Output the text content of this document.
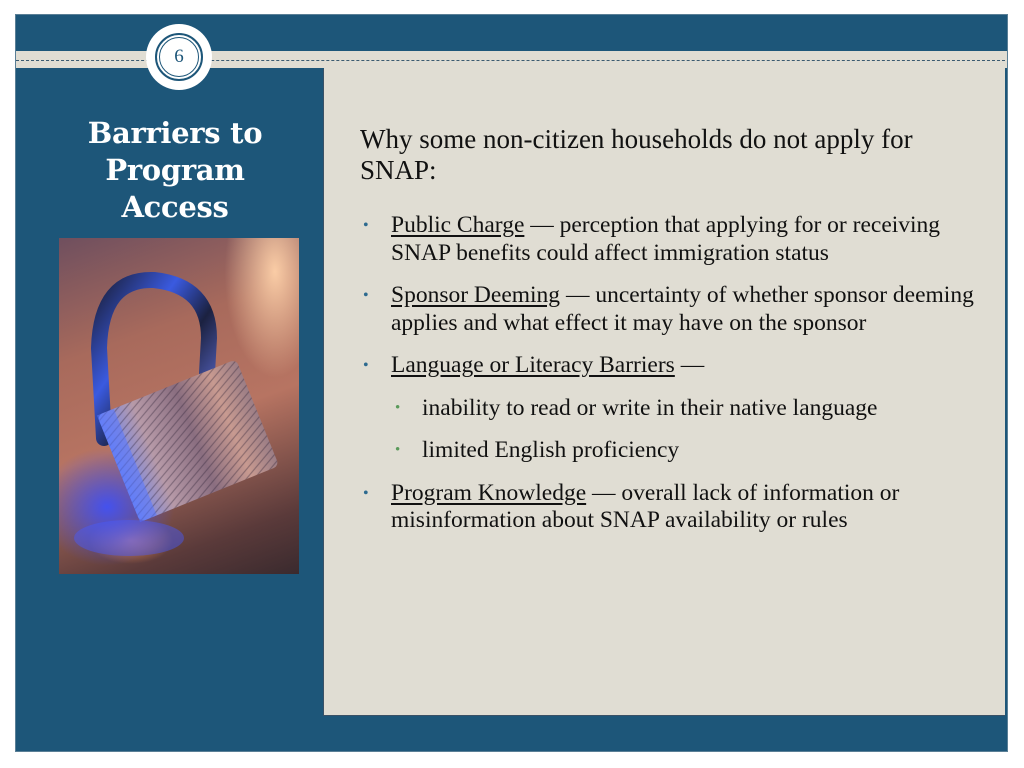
6
Barriers to
Program
Access

Why some non-citizen households do not apply for SNAP:

• Public Charge — perception that applying for or receiving SNAP benefits could affect immigration status
• Sponsor Deeming — uncertainty of whether sponsor deeming applies and what effect it may have on the sponsor
• Language or Literacy Barriers —
• inability to read or write in their native language
• limited English proficiency
• Program Knowledge — overall lack of information or misinformation about SNAP availability or rules
